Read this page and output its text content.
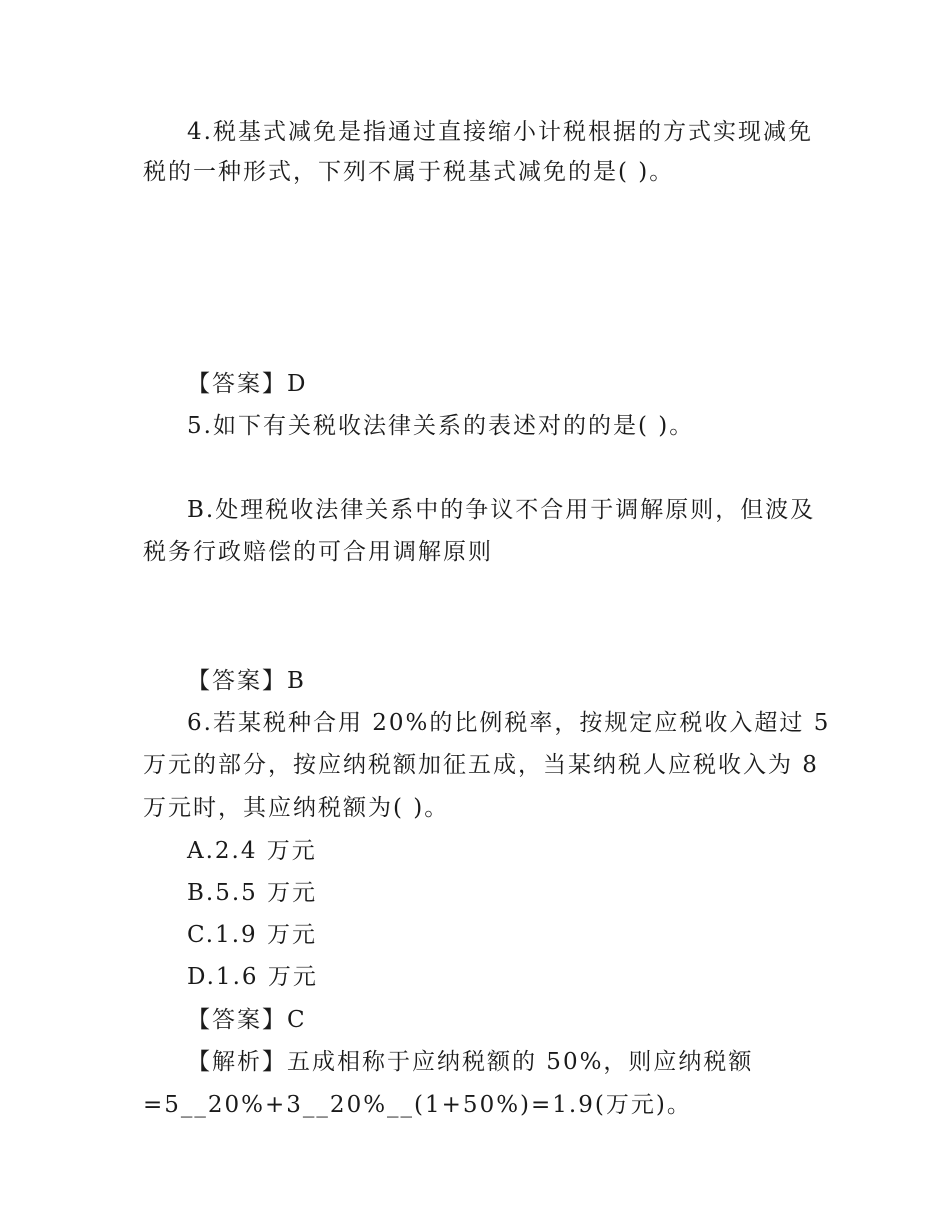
4.税基式减免是指通过直接缩小计税根据的方式实现减免
税的一种形式，下列不属于税基式减免的是( )。
【答案】D
5.如下有关税收法律关系的表述对的的是( )。
B.处理税收法律关系中的争议不合用于调解原则，但波及
税务行政赔偿的可合用调解原则
【答案】B
6.若某税种合用 20%的比例税率，按规定应税收入超过 5
万元的部分，按应纳税额加征五成，当某纳税人应税收入为 8
万元时，其应纳税额为( )。
A.2.4 万元
B.5.5 万元
C.1.9 万元
D.1.6 万元
【答案】C
【解析】五成相称于应纳税额的 50%，则应纳税额
=5__20%+3__20%__(1+50%)=1.9(万元)。
